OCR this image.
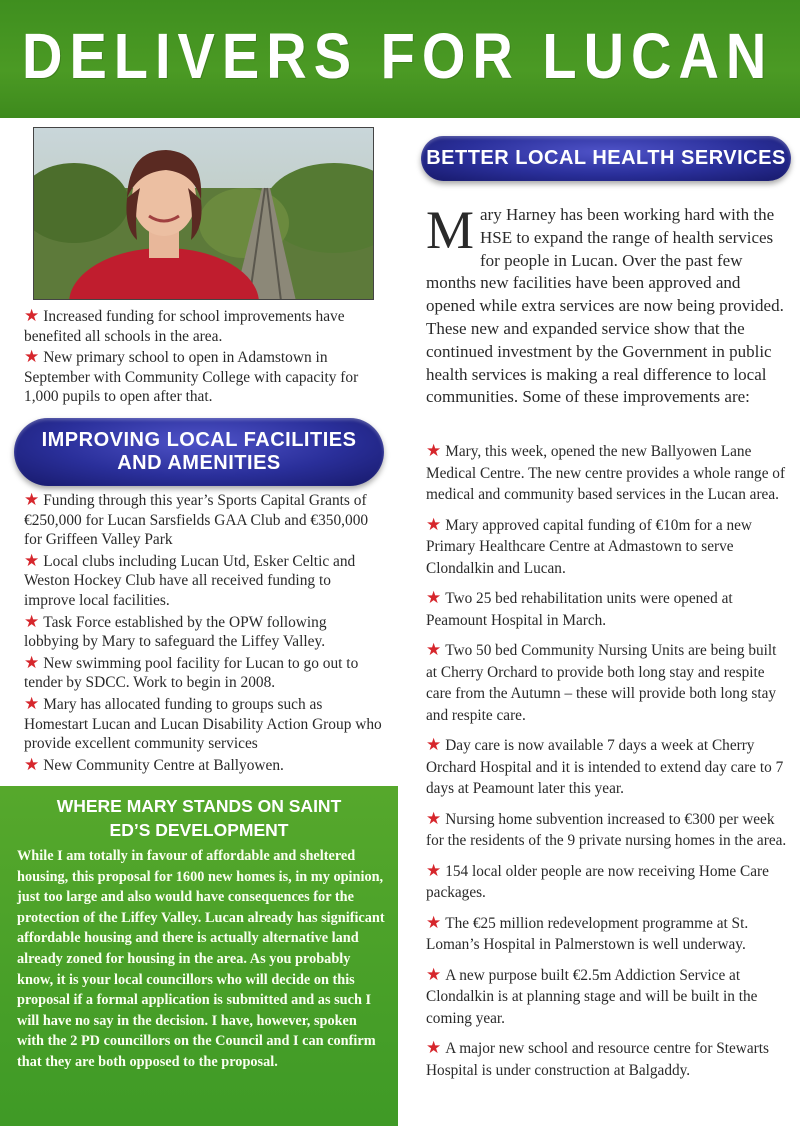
DELIVERS FOR LUCAN
★ Increased funding for school improvements have benefited all schools in the area.
★ New primary school to open in Adamstown in September with Community College with capacity for 1,000 pupils to open after that.
IMPROVING LOCAL FACILITIES
AND AMENITIES
★ Funding through this year’s Sports Capital Grants of €250,000 for Lucan Sarsfields GAA Club and €350,000 for Griffeen Valley Park
★ Local clubs including Lucan Utd, Esker Celtic and Weston Hockey Club have all received funding to improve local facilities.
★ Task Force established by the OPW following lobbying by Mary to safeguard the Liffey Valley.
★ New swimming pool facility for Lucan to go out to tender by SDCC. Work to begin in 2008.
★ Mary has allocated funding to groups such as Homestart Lucan and Lucan Disability Action Group who provide excellent community services
★ New Community Centre at Ballyowen.
WHERE MARY STANDS ON SAINT
ED’S DEVELOPMENT
While I am totally in favour of affordable and sheltered housing, this proposal for 1600 new homes is, in my opinion, just too large and also would have consequences for the protection of the Liffey Valley. Lucan already has significant affordable housing and there is actually alternative land already zoned for housing in the area. As you probably know, it is your local councillors who will decide on this proposal if a formal application is submitted and as such I will have no say in the decision. I have, however, spoken with the 2 PD councillors on the Council and I can confirm that they are both opposed to the proposal.
BETTER LOCAL HEALTH SERVICES
Mary Harney has been working hard with the HSE to expand the range of health services for people in Lucan. Over the past few months new facilities have been approved and opened while extra services are now being provided. These new and expanded service show that the continued investment by the Government in public health services is making a real difference to local communities. Some of these improvements are:
★ Mary, this week, opened the new Ballyowen Lane Medical Centre. The new centre provides a whole range of medical and community based services in the Lucan area.
★ Mary approved capital funding of €10m for a new Primary Healthcare Centre at Admastown to serve Clondalkin and Lucan.
★ Two 25 bed rehabilitation units were opened at Peamount Hospital in March.
★ Two 50 bed Community Nursing Units are being built at Cherry Orchard to provide both long stay and respite care from the Autumn – these will provide both long stay and respite care.
★ Day care is now available 7 days a week at Cherry Orchard Hospital and it is intended to extend day care to 7 days at Peamount later this year.
★ Nursing home subvention increased to €300 per week for the residents of the 9 private nursing homes in the area.
★ 154 local older people are now receiving Home Care packages.
★ The €25 million redevelopment programme at St. Loman’s Hospital in Palmerstown is well underway.
★ A new purpose built €2.5m Addiction Service at Clondalkin is at planning stage and will be built in the coming year.
★ A major new school and resource centre for Stewarts Hospital is under construction at Balgaddy.
